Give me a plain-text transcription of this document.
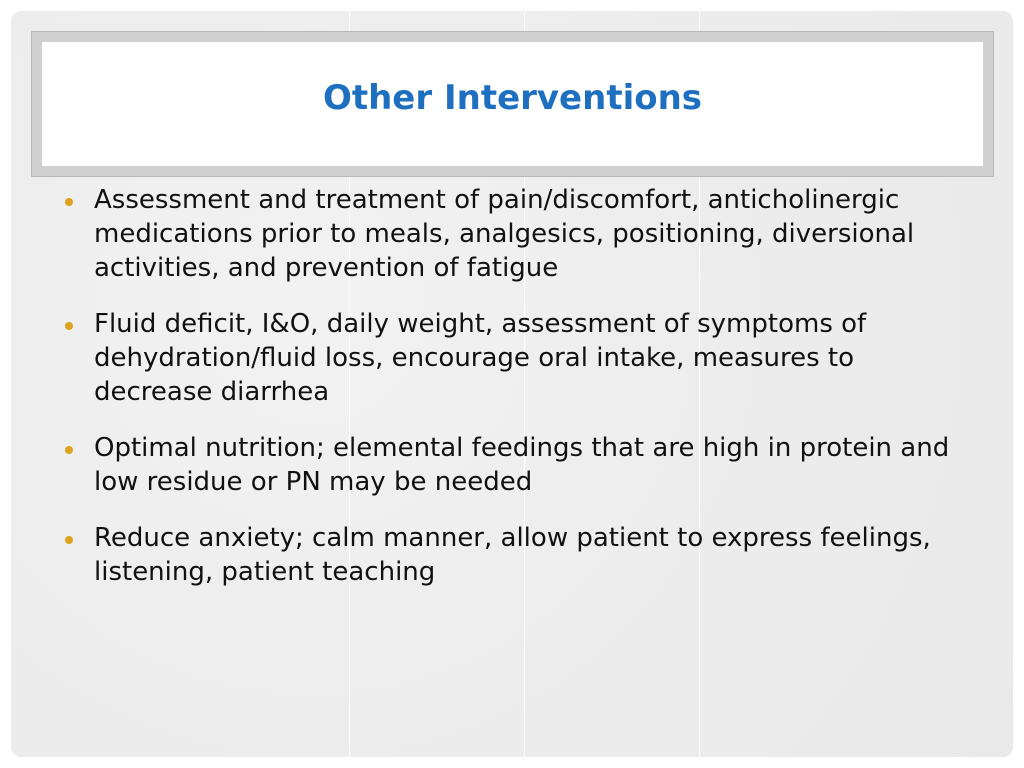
Other Interventions
Assessment and treatment of pain/discomfort, anticholinergic medications prior to meals, analgesics, positioning, diversional activities, and prevention of fatigue
Fluid deficit, I&O, daily weight, assessment of symptoms of dehydration/fluid loss, encourage oral intake, measures to decrease diarrhea
Optimal nutrition; elemental feedings that are high in protein and low residue or PN may be needed
Reduce anxiety; calm manner, allow patient to express feelings, listening, patient teaching
